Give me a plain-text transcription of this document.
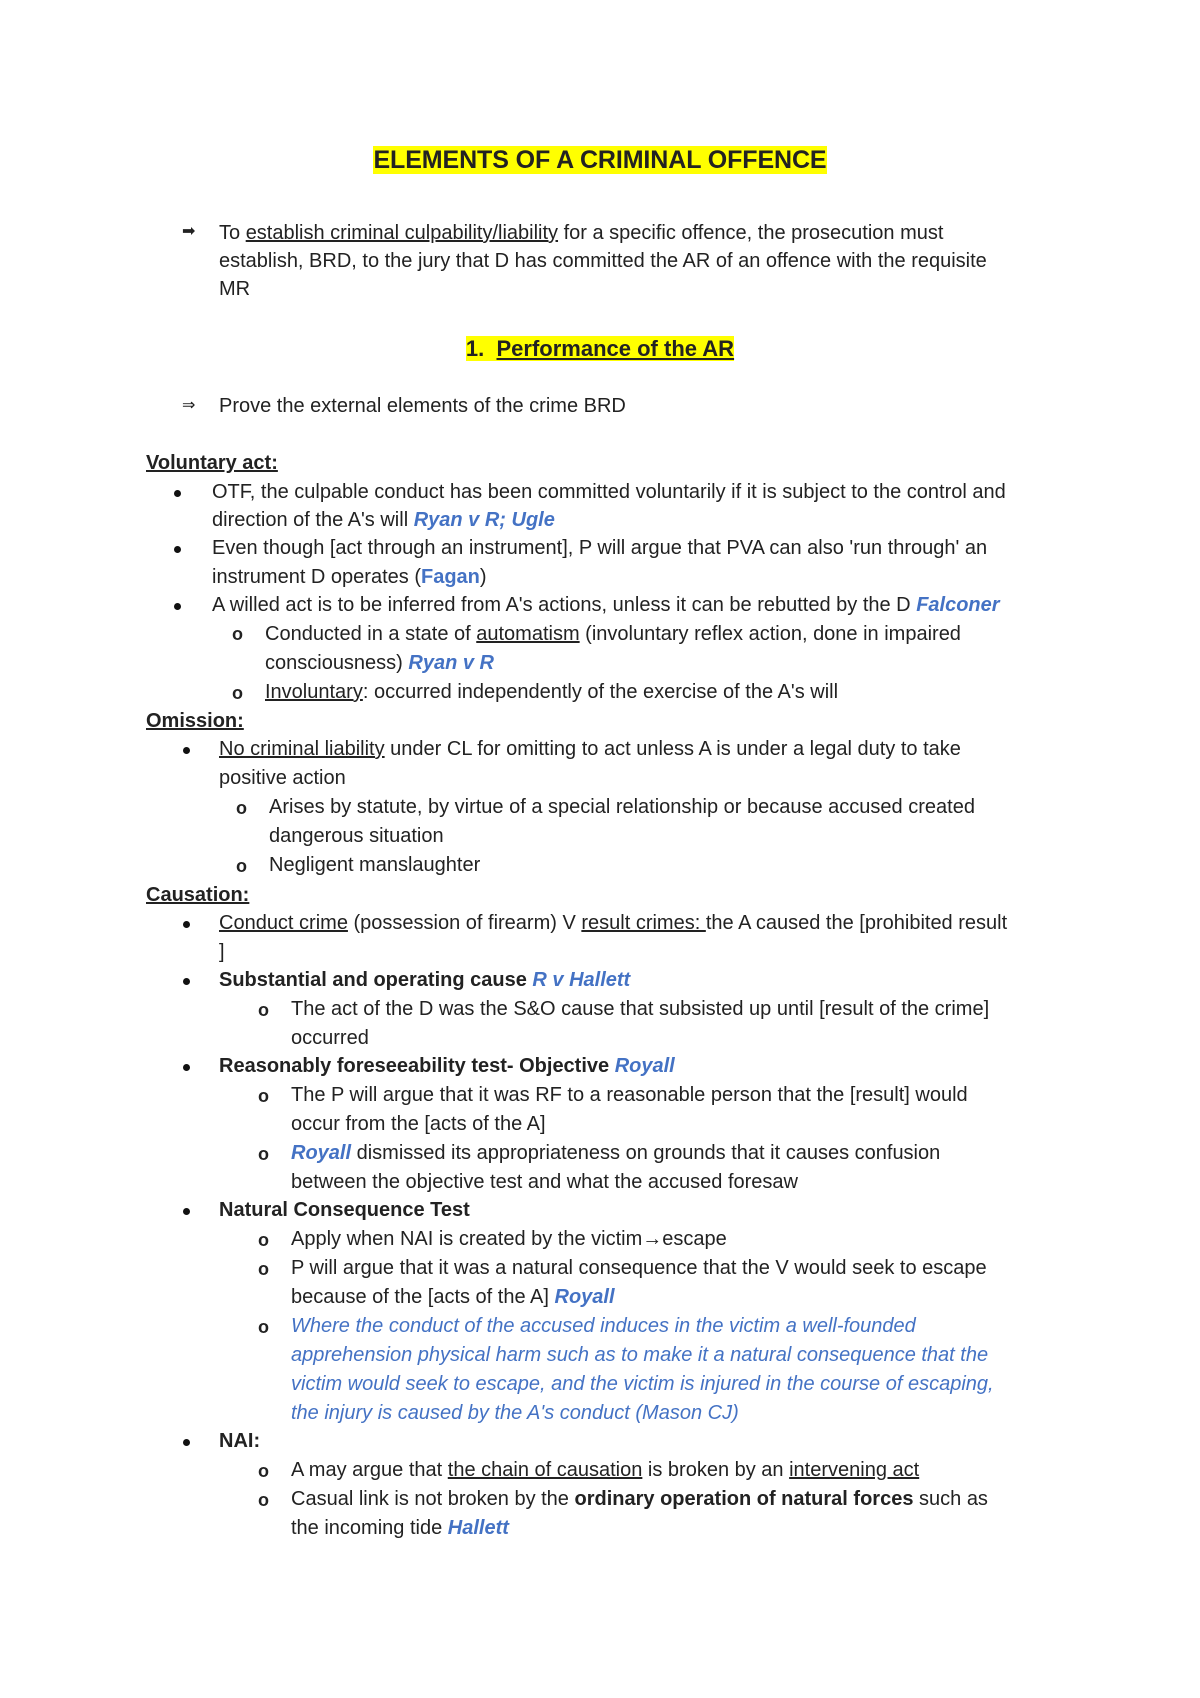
ELEMENTS OF A CRIMINAL OFFENCE
➡ To establish criminal culpability/liability for a specific offence, the prosecution must
establish, BRD, to the jury that D has committed the AR of an offence with the requisite
MR
1. Performance of the AR
⇒ Prove the external elements of the crime BRD
Voluntary act:
OTF, the culpable conduct has been committed voluntarily if it is subject to the control and
direction of the A's will Ryan v R; Ugle
Even though [act through an instrument], P will argue that PVA can also 'run through' an
instrument D operates (Fagan)
A willed act is to be inferred from A's actions, unless it can be rebutted by the D Falconer
o Conducted in a state of automatism (involuntary reflex action, done in impaired
consciousness) Ryan v R
o Involuntary: occurred independently of the exercise of the A's will
Omission:
No criminal liability under CL for omitting to act unless A is under a legal duty to take
positive action
o Arises by statute, by virtue of a special relationship or because accused created
dangerous situation
o Negligent manslaughter
Causation:
Conduct crime (possession of firearm) V result crimes: the A caused the [prohibited result
]
Substantial and operating cause R v Hallett
o The act of the D was the S&O cause that subsisted up until [result of the crime]
occurred
Reasonably foreseeability test- Objective Royall
o The P will argue that it was RF to a reasonable person that the [result] would
occur from the [acts of the A]
o Royall dismissed its appropriateness on grounds that it causes confusion
between the objective test and what the accused foresaw
Natural Consequence Test
o Apply when NAI is created by the victim→escape
o P will argue that it was a natural consequence that the V would seek to escape
because of the [acts of the A] Royall
o Where the conduct of the accused induces in the victim a well-founded
apprehension physical harm such as to make it a natural consequence that the
victim would seek to escape, and the victim is injured in the course of escaping,
the injury is caused by the A's conduct (Mason CJ)
NAI:
o A may argue that the chain of causation is broken by an intervening act
o Casual link is not broken by the ordinary operation of natural forces such as
the incoming tide Hallett
